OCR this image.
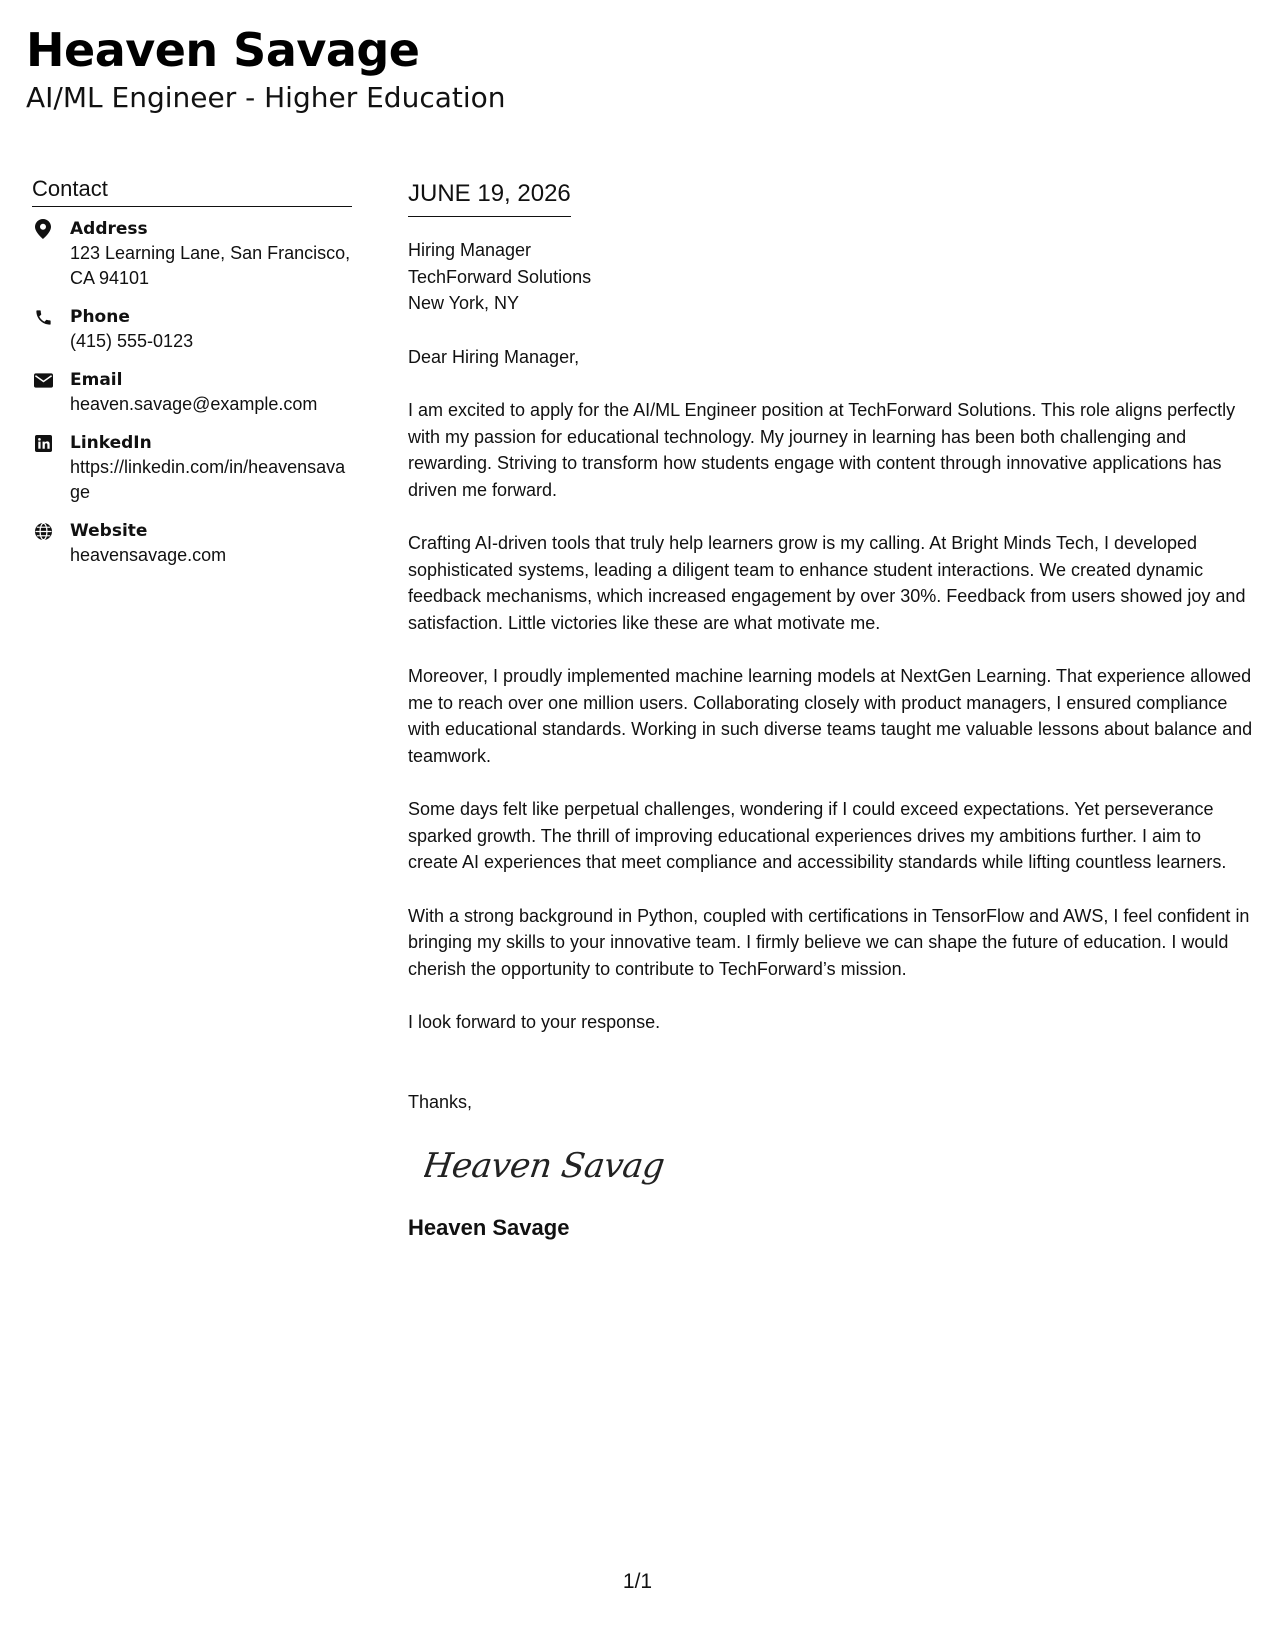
Heaven Savage
AI/ML Engineer - Higher Education
Contact
Address
123 Learning Lane, San Francisco, CA 94101
Phone
(415) 555-0123
Email
heaven.savage@example.com
LinkedIn
https://linkedin.com/in/heavensavage
Website
heavensavage.com
JUNE 19, 2026
Hiring Manager
TechForward Solutions
New York, NY
Dear Hiring Manager,

I am excited to apply for the AI/ML Engineer position at TechForward Solutions. This role aligns perfectly with my passion for educational technology. My journey in learning has been both challenging and rewarding. Striving to transform how students engage with content through innovative applications has driven me forward.

Crafting AI-driven tools that truly help learners grow is my calling. At Bright Minds Tech, I developed sophisticated systems, leading a diligent team to enhance student interactions. We created dynamic feedback mechanisms, which increased engagement by over 30%. Feedback from users showed joy and satisfaction. Little victories like these are what motivate me.

Moreover, I proudly implemented machine learning models at NextGen Learning. That experience allowed me to reach over one million users. Collaborating closely with product managers, I ensured compliance with educational standards. Working in such diverse teams taught me valuable lessons about balance and teamwork.

Some days felt like perpetual challenges, wondering if I could exceed expectations. Yet perseverance sparked growth. The thrill of improving educational experiences drives my ambitions further. I aim to create AI experiences that meet compliance and accessibility standards while lifting countless learners.

With a strong background in Python, coupled with certifications in TensorFlow and AWS, I feel confident in bringing my skills to your innovative team. I firmly believe we can shape the future of education. I would cherish the opportunity to contribute to TechForward’s mission.

I look forward to your response.

Thanks,
Heaven Savage
Heaven Savage
1/1
